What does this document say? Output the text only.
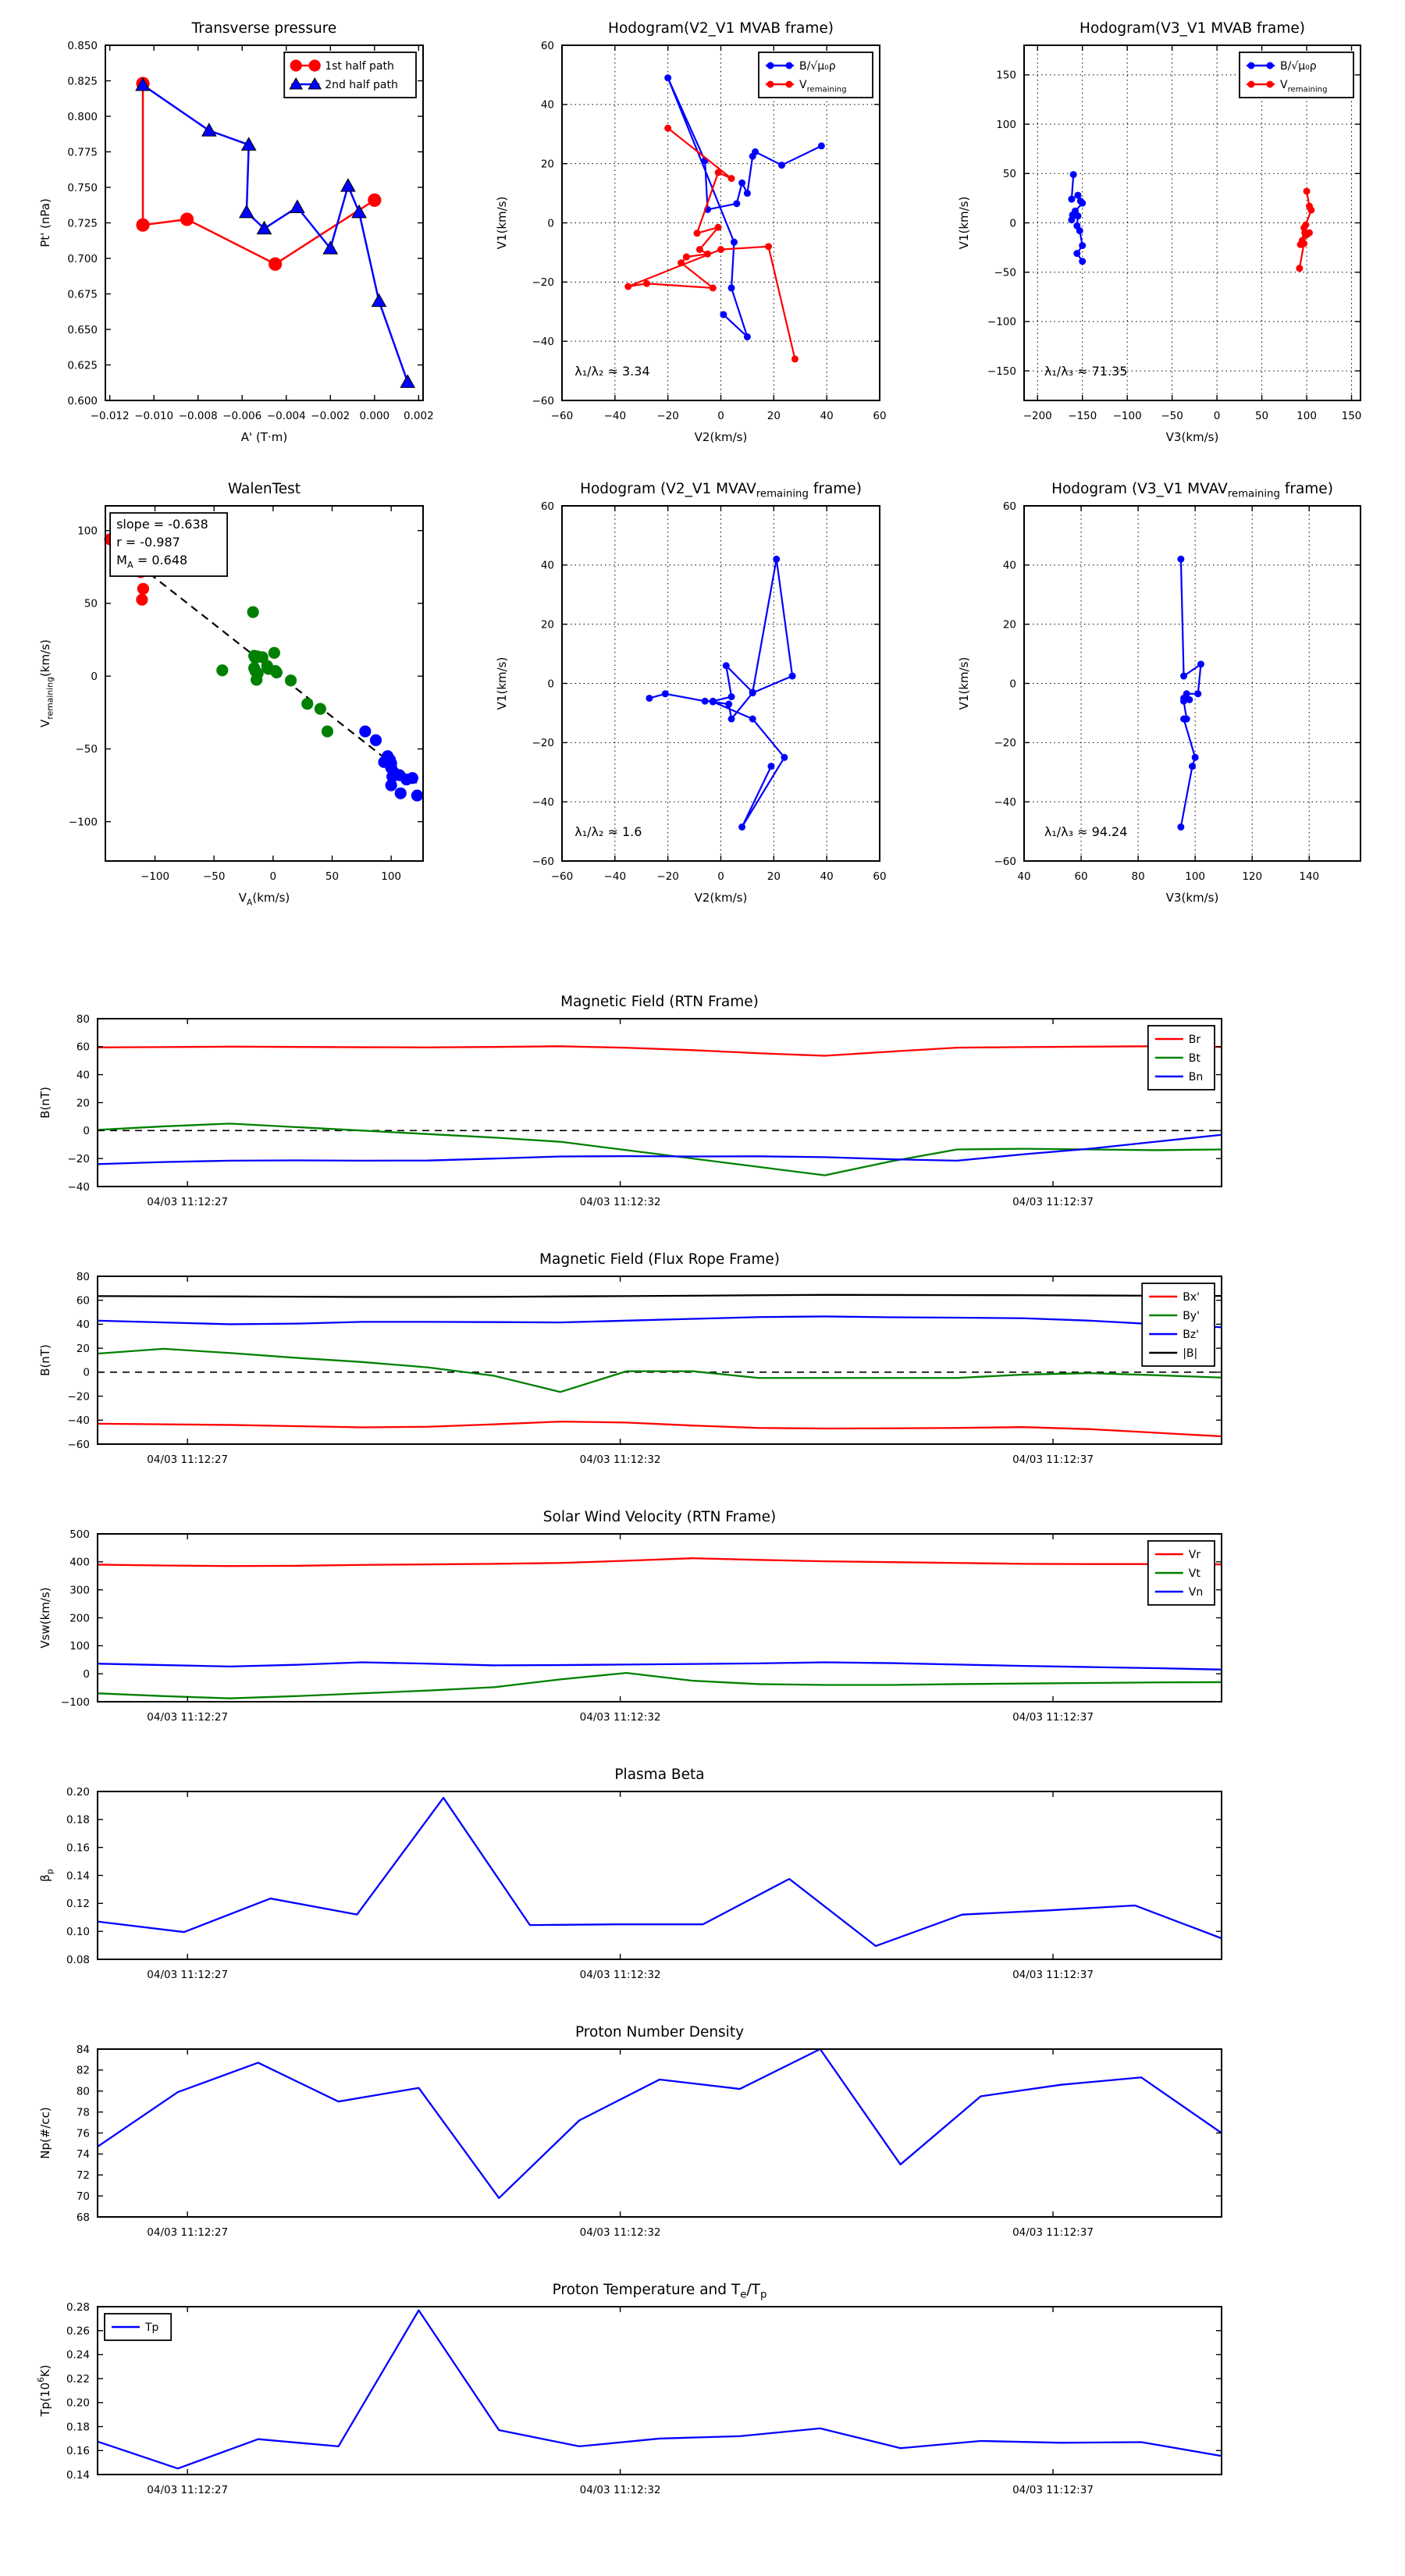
−0.012 −0.010 −0.008 −0.006 −0.004 −0.002 0.000 0.002
0.850
0.825
0.800
0.775
0.750
0.725
0.700
0.675
0.650
0.625
0.600
Transverse pressure
A' (T·m)
Pt' (nPa)
1st half path
2nd half path
−60	−40	−20	0	20	40	60
60
40
20
0
−20
−40
−60
Hodogram(V2_V1 MVAB frame)
V2(km/s)
V1(km/s)
λ₁/λ₂ ≈ 3.34
B/√μ₀ρ
$V_{remaining}$
−200 −150 −100 −50	0	50	100 150
150
100
50
0
−50
−100
−150
Hodogram(V3_V1 MVAB frame)
V3(km/s)
V1(km/s)
λ₁/λ₃ ≈ 71.35
B/√μ₀ρ
$V_{remaining}$
−100	−50	0	50	100
100
50
0
−50
−100
WalenTest
$V_A(km/s)$
$V_{remaining}(km/s)$
slope = -0.638
r = -0.987
$M_A = 0.648$
−60	−40	−20	0	20	40	60
60
40
20
0
−20
−40
−60
Hodogram (V2_V1 $MVAV_{remaining}$ frame)
V2(km/s)
V1(km/s)
λ₁/λ₂ ≈ 1.6
40	60	80	100	120	140
60
40
20
0
−20
−40
−60
Hodogram (V3_V1 $MVAV_{remaining}$ frame)
V3(km/s)
V1(km/s)
λ₁/λ₃ ≈ 94.24
04/03 11:12:27	04/03 11:12:32	04/03 11:12:37
80
60
40
20
0
−20
−40
Magnetic Field (RTN Frame)
B(nT)
Br
Bt
Bn
04/03 11:12:27	04/03 11:12:32	04/03 11:12:37
80
60
40
20
0
−20
−40
−60
Magnetic Field (Flux Rope Frame)
B(nT)
Bx'
By'
Bz'
|B|
04/03 11:12:27	04/03 11:12:32	04/03 11:12:37
500
400
300
200
100
0
−100
Solar Wind Velocity (RTN Frame)
Vsw(km/s)
Vr
Vt
Vn
04/03 11:12:27	04/03 11:12:32	04/03 11:12:37
0.20
0.18
0.16
0.14
0.12
0.10
0.08
Plasma Beta
$\beta_p$
04/03 11:12:27	04/03 11:12:32	04/03 11:12:37
84
82
80
78
76
74
72
70
68
Proton Number Density
Np(#/cc)
04/03 11:12:27	04/03 11:12:32	04/03 11:12:37
0.28
0.26
0.24
0.22
0.20
0.18
0.16
0.14
Proton Temperature and $T_e/T_p$
$Tp(10^6K)$
Tp
